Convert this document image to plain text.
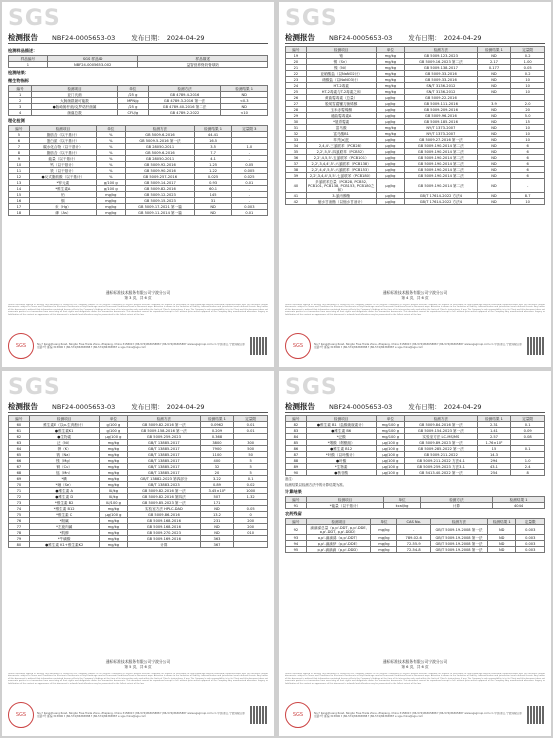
SGS
检测报告 NBF24-0005653-03 发布日期： 2024-04-29
检测样品描述：
样品编号	SGS 样品ID	样品描述
1	NBF24-0005653-002	益智营养脊奶脊球奶
检测结果：
微生物指标
编号	检测项目	单位	检测方法	检测结果 1
1	亚门氏菌	/25 g	GB 4789.4-2016	ND
2	大肠菌群最可能数	MPN/g	GB 4789.3-2016 第一法	<0.3
3	●阪崎肠杆菌/克罗诺杆菌属	/25 g	GB 4789.40-2016 第二法	ND
4	菌落总数	CFU/g	GB 4789.2-2022	<10
理化检测
编号	检测项目	单位	检测方法	检测结果 1	定量限 3
5	脂肪含（以干基计）	%	GB 5009.6-2016	44.41	
6	蛋白质（以干基计）	%	GB 5009.5-2016 第一法	16.5	
7	碳水化合物（以干基计）	%	GB 28050-2011	3.5	1.0
8	脂肪含（以干基计）	%	GB 5009.6-2016	7.7	-
9	能量（以干基计）	%	GB 28050-2011	4.1	-
10	钙（以干基计）	%	GB 5009.92-2016	1.25	0.05
11	铁（以干基计）	%	GB 5009.90-2016	1.22	0.005
12	●反式脂肪酸（以干基计）	%	GB 5009.257-2016	0.025	0.025
13	*锌元素	g/100 g	GB 5009.14-2017	0.93	0.01
14	*维生素A	g/100 g	GB 5009.82-2016	60.1	-
15	铅	mg/kg	GB 5009.12-2023	145	-
16	镉	mg/kg	GB 5009.15-2023	31	-
17	汞（Hg）	mg/kg	GB 5009.17-2021 第一篇	ND	0.003
18	砷（As）	mg/kg	GB 5009.11-2014 第一篇	ND	0.01
通标标准技术服务有限公司宁波分公司
第 3 页，共 6 页
Unless otherwise agreed in writing, this document is issued by the Company subject to its General Conditions of Service printed overleaf, available on request or accessible at http://www.sgs.com/en/Terms-and-Conditions.aspx and, for electronic format documents, subject to Terms and Conditions for Electronic Documents at http://www.sgs.com/en/Terms-and-Conditions/Terms-e-Document.aspx. Attention is drawn to the limitation of liability, indemnification and jurisdiction issues defined therein. Any holder of this document is advised that information contained hereon reflects the Company's findings at the time of its intervention only and within the limits of Client's instructions, if any. The Company's sole responsibility is to its Client and this document does not exonerate parties to a transaction from exercising all their rights and obligations under the transaction documents. This document cannot be reproduced except in full, without prior written approval of the Company. Any unauthorized alteration, forgery or falsification of the content or appearance of this document is unlawful and offenders may be prosecuted to the fullest extent of the law.
SGS	No.7 Kangzhuang Road, Ningbo Free Trade Zone, Zhejiang, China 315800 t (86-574)86365888 f (86-574)86365887 www.sgsgroup.com.cn 中国·浙江·宁波保税区康庄路7号 邮编 315800 t (86-574)86365888 f (86-574)86365887 e sgs.china@sgs.com
SGS
检测报告 NBF24-0005653-03 发布日期： 2024-04-29
编号	检测项目	单位	检测方法	检测结果 1	定量限
19	铬	mg/kg	GB 5009.123-2023	ND	0.2
20	锡（Sn）	mg/kg	GB 5009.16-2023 第二法	2.17	1.00
21	镍（Ni）	mg/kg	GB 5009.138-2017	0.177	0.05
22	亚硝酸盐（以NaNO2计）	mg/kg	GB 5009.33-2016	ND	0.2
23	硝酸盐（以NaNO3计）	mg/kg	GB 5009.33-2016	ND	10
24	HT-2毒素	mg/kg	SN/T 3136-2012	ND	10
25	HT-2毒素与T-2毒素之和	mg/kg	SN/T 3136-2012	ND	10
26	黄曲霉毒素（总量）	μg/kg	GB 5009.22-2016		
27	脱氧雪腐镰刀菌烯醇	μg/kg	GB 5009.111-2016	3.9	2.0
28	玉米赤霉烯酮	μg/kg	GB 5009.209-2016	ND	20
29	赭曲霉毒素A	μg/kg	GB 5009.96-2016	ND	5.0
30	*展青霉素	μg/kg	GB 5009.185-2016	ND	15
31	富马酸	mg/kg	NY/T 1373-2007	ND	10
32	富马酸B1	mg/kg	NY/T 1373-2007	ND	10
33	苯并[a]芘	μg/kg	GB 5009.27-2016 第一法	ND	10
34	2,4,4'-三氯联苯（PCB28）	μg/kg	GB 5009.190-2014 第二法	ND	6
35	2,2',5,5'-四氯联苯（PCB52）	μg/kg	GB 5009.190-2014 第二法	ND	6
36	2,2',4,5,5'-五氯联苯（PCB101）	μg/kg	GB 5009.190-2014 第二法	ND	6
37	2,2',3,4,4',5'-六氯联苯（PCB138）	μg/kg	GB 5009.190-2014 第二法	ND	6
38	2,2',4,4',5,5'-六氯联苯（PCB153）	μg/kg	GB 5009.190-2014 第二法	ND	6
39	2,2',3,4,4',5,5'-七氯联苯（PCB180）	μg/kg	GB 5009.190-2014 第二法	ND	6
40	多氯联苯总量（PCB28, PCB52, PCB101, PCB138, PCB153, PCB180之和）	μg/kg	GB 5009.190-2014 第二法	ND	-
41	3-氯丙醇酯	μg/kg	GB/T 17614-2022 方法4	ND	8.7
42	缩水甘油酯（以缩水甘油计）	μg/kg	GB/T 17614-2022 方法4	ND	10
通标标准技术服务有限公司宁波分公司
第 4 页，共 6 页
Unless otherwise agreed in writing, this document is issued by the Company subject to its General Conditions of Service printed overleaf, available on request or accessible at http://www.sgs.com/en/Terms-and-Conditions.aspx and, for electronic format documents, subject to Terms and Conditions for Electronic Documents at http://www.sgs.com/en/Terms-and-Conditions/Terms-e-Document.aspx. Attention is drawn to the limitation of liability, indemnification and jurisdiction issues defined therein. Any holder of this document is advised that information contained hereon reflects the Company's findings at the time of its intervention only and within the limits of Client's instructions, if any. The Company's sole responsibility is to its Client and this document does not exonerate parties to a transaction from exercising all their rights and obligations under the transaction documents. This document cannot be reproduced except in full, without prior written approval of the Company. Any unauthorized alteration, forgery or falsification of the content or appearance of this document is unlawful and offenders may be prosecuted to the fullest extent of the law.
SGS	No.7 Kangzhuang Road, Ningbo Free Trade Zone, Zhejiang, China 315800 t (86-574)86365888 f (86-574)86365887 www.sgsgroup.com.cn 中国·浙江·宁波保税区康庄路7号 邮编 315800 t (86-574)86365888 f (86-574)86365887 e sgs.china@sgs.com
SGS
检测报告 NBF24-0005653-03 发布日期： 2024-04-29
编号	检测项目	单位	检测方法	检测结果 1	定量限
60	维生素E（以α-生育酚计）	g/100 g	GB 5009.82-2016 第一法	0.0962	0.01
61	●维生素K1	g/100 g	GB 5009.158-2016 第一法	0.209	0.01
62	●生物素	μg/100 g	GB 5009.259-2023	0.368	
63	泛（Ni）	mg/kg	GB/T 13885-2017	3800	300
64	钾（K）	mg/kg	GB/T 13885-2017	7900	500
65	钠（Na）	mg/kg	GB/T 13885-2017	1100	50
66	镁（Mg）	mg/kg	GB/T 13885-2017	400	5
67	铜（Cu）	mg/kg	GB/T 13885-2017	32	5
68	锰（Mn）	mg/kg	GB/T 13885-2017	20	5
69	*碘	mg/kg	GB/T 13882-2023 第四部分	3.22	0.1
70	*硒（Se）	mg/kg	GB/T 13883-2023	0.89	0.02
71	●维生素 A	IU/kg	GB 5009.82-2016 第一法	3.45×10⁴	1000
72	●维生素 D	IU/kg	GB 5009.82-2016 第四法	507	1.32
73	*维生素 B2	IU/100 g	GB 5009.85-2023 第一法	171	
74	*维生素 B12	mg/kg	实验室方法 HPLC-DAD	ND	0.05
75	*维生素 C	μg/100 g	GB 5009.86-2016	13.2	0
76	*胆碱	mg/kg	GB 5009.168-2016	231	200
77	*左旋肉碱	mg/kg	GB 5009.168-2016	ND	200
78	*肌醇	mg/kg	GB 5009.270-2023	ND	010
79	*牛磺酸	mg/kg	GB 5009.169-2016	363	
80	●维生素 K1+维生素K2	mg/kg	计算	367	
通标标准技术服务有限公司宁波分公司
第 5 页，共 6 页
Unless otherwise agreed in writing, this document is issued by the Company subject to its General Conditions of Service printed overleaf, available on request or accessible at http://www.sgs.com/en/Terms-and-Conditions.aspx and, for electronic format documents, subject to Terms and Conditions for Electronic Documents at http://www.sgs.com/en/Terms-and-Conditions/Terms-e-Document.aspx. Attention is drawn to the limitation of liability, indemnification and jurisdiction issues defined therein. Any holder of this document is advised that information contained hereon reflects the Company's findings at the time of its intervention only and within the limits of Client's instructions, if any. The Company's sole responsibility is to its Client and this document does not exonerate parties to a transaction from exercising all their rights and obligations under the transaction documents. This document cannot be reproduced except in full, without prior written approval of the Company. Any unauthorized alteration, forgery or falsification of the content or appearance of this document is unlawful and offenders may be prosecuted to the fullest extent of the law.
SGS	No.7 Kangzhuang Road, Ningbo Free Trade Zone, Zhejiang, China 315800 t (86-574)86365888 f (86-574)86365887 www.sgsgroup.com.cn 中国·浙江·宁波保税区康庄路7号 邮编 315800 t (86-574)86365888 f (86-574)86365887 e sgs.china@sgs.com
SGS
检测报告 NBF24-0005653-03 发布日期： 2024-04-29
编号	检测项目	单位	检测方法	检测结果 1	定量限
82	●维生素 B1（盐酸硫胺素计）	mg/100 g	GB 5009.84-2016 第一法	2.31	0.1
83	●维生素 B6	mg/100 g	GB 5009.154-2023 第一法	1.41	0.09
84	*泛酸	mg/100 g	实验室方法 LC-MS/MS	2.57	0.08
85	*烟酸（烟酰胺）	μg/100 g	GB 5009.89-2023 第一法	1.76×10²	
86	●维生素 B12	μg/100 g	GB 5009.285-2022 第一法	15	0.1
87	*叶酸（以叶酸计）	μg/100 g	GB 5009.211-2022	14.3	
88	●叶酸	μg/100 g	GB 5009.211-2022 方法4.1	294	1.0
89	*生物素	μg/100 g	GB 5009.259-2023 方法3.1	43.1	2.4
90	●核苷酸	μg/100 g	GB 5413.40-2022 第一法	254	8
备注：
检测结果以检测方法中的计算结果为准。
计算结果
编号	检测项目	单位	检测方法	检测结果 1
91	*能量（以干基计）	kcal/kg	计算	4044
农药残留
编号	检测项目	单位	CAS No.	检测方法	检测结果 1	定量限
92	滴滴涕总量（p,p'-DDT, p,p'-DDE, o,p'-DDT, p,p'-DDD）	mg/kg	-	GB/T 5009.19-2008 第一法	ND	0.003
93	o,p'-滴滴涕（o,p'-DDT）	mg/kg	789-02-6	GB/T 5009.19-2008 第一法	ND	0.003
94	p,p'-滴滴伊（p,p'-DDE）	mg/kg	72-55-9	GB/T 5009.19-2008 第一法	ND	0.003
95	p,p'-滴滴滴（p,p'-DDD）	mg/kg	72-54-8	GB/T 5009.19-2008 第一法	ND	0.003
通标标准技术服务有限公司宁波分公司
第 6 页，共 6 页
Unless otherwise agreed in writing, this document is issued by the Company subject to its General Conditions of Service printed overleaf, available on request or accessible at http://www.sgs.com/en/Terms-and-Conditions.aspx and, for electronic format documents, subject to Terms and Conditions for Electronic Documents at http://www.sgs.com/en/Terms-and-Conditions/Terms-e-Document.aspx. Attention is drawn to the limitation of liability, indemnification and jurisdiction issues defined therein. Any holder of this document is advised that information contained hereon reflects the Company's findings at the time of its intervention only and within the limits of Client's instructions, if any. The Company's sole responsibility is to its Client and this document does not exonerate parties to a transaction from exercising all their rights and obligations under the transaction documents. This document cannot be reproduced except in full, without prior written approval of the Company. Any unauthorized alteration, forgery or falsification of the content or appearance of this document is unlawful and offenders may be prosecuted to the fullest extent of the law.
SGS	No.7 Kangzhuang Road, Ningbo Free Trade Zone, Zhejiang, China 315800 t (86-574)86365888 f (86-574)86365887 www.sgsgroup.com.cn 中国·浙江·宁波保税区康庄路7号 邮编 315800 t (86-574)86365888 f (86-574)86365887 e sgs.china@sgs.com
